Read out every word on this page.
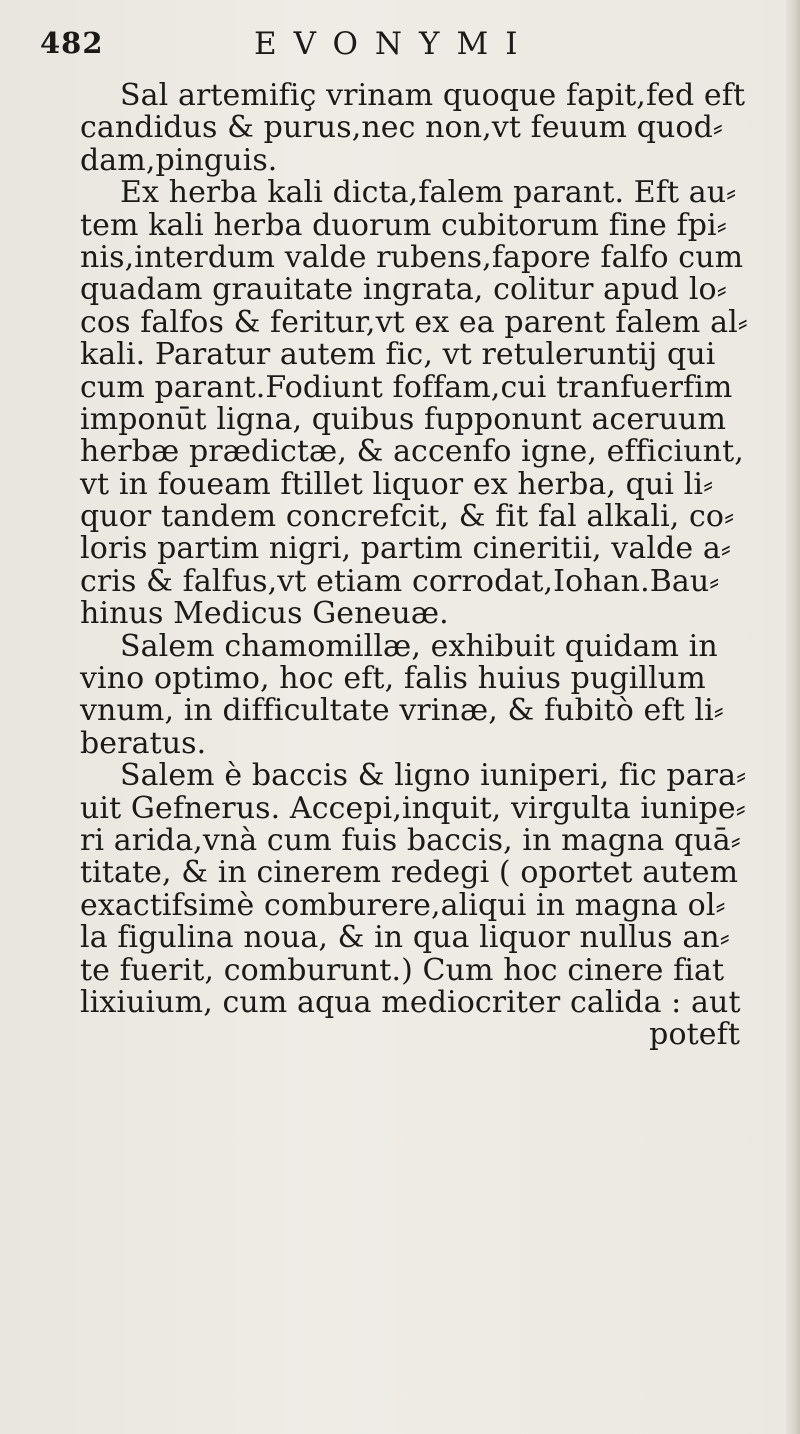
482	EVONYMI
Sal artemifiç vrinam quoque fapit,fed eft
candidus & purus,nec non,vt feuum quod⸗
dam,pinguis.
Ex herba kali dicta,falem parant. Eft au⸗
tem kali herba duorum cubitorum fine fpi⸗
nis,interdum valde rubens,fapore falfo cum
quadam grauitate ingrata, colitur apud lo⸗
cos falfos & feritur,vt ex ea parent falem al⸗
kali. Paratur autem fic, vt retuleruntij qui
cum parant.Fodiunt foffam,cui tranfuerfim
imponūt ligna, quibus fupponunt aceruum
herbæ prædictæ, & accenfo igne, efficiunt,
vt in foueam ftillet liquor ex herba, qui li⸗
quor tandem concrefcit, & fit fal alkali, co⸗
loris partim nigri, partim cineritii, valde a⸗
cris & falfus,vt etiam corrodat,Iohan.Bau⸗
hinus Medicus Geneuæ.
Salem chamomillæ, exhibuit quidam in
vino optimo, hoc eft, falis huius pugillum
vnum, in difficultate vrinæ, & fubitò eft li⸗
beratus.
Salem è baccis & ligno iuniperi, fic para⸗
uit Gefnerus. Accepi,inquit, virgulta iunipe⸗
ri arida,vnà cum fuis baccis, in magna quā⸗
titate, & in cinerem redegi ( oportet autem
exactifsimè comburere,aliqui in magna ol⸗
la figulina noua, & in qua liquor nullus an⸗
te fuerit, comburunt.) Cum hoc cinere fiat
lixiuium, cum aqua mediocriter calida : aut
poteft
